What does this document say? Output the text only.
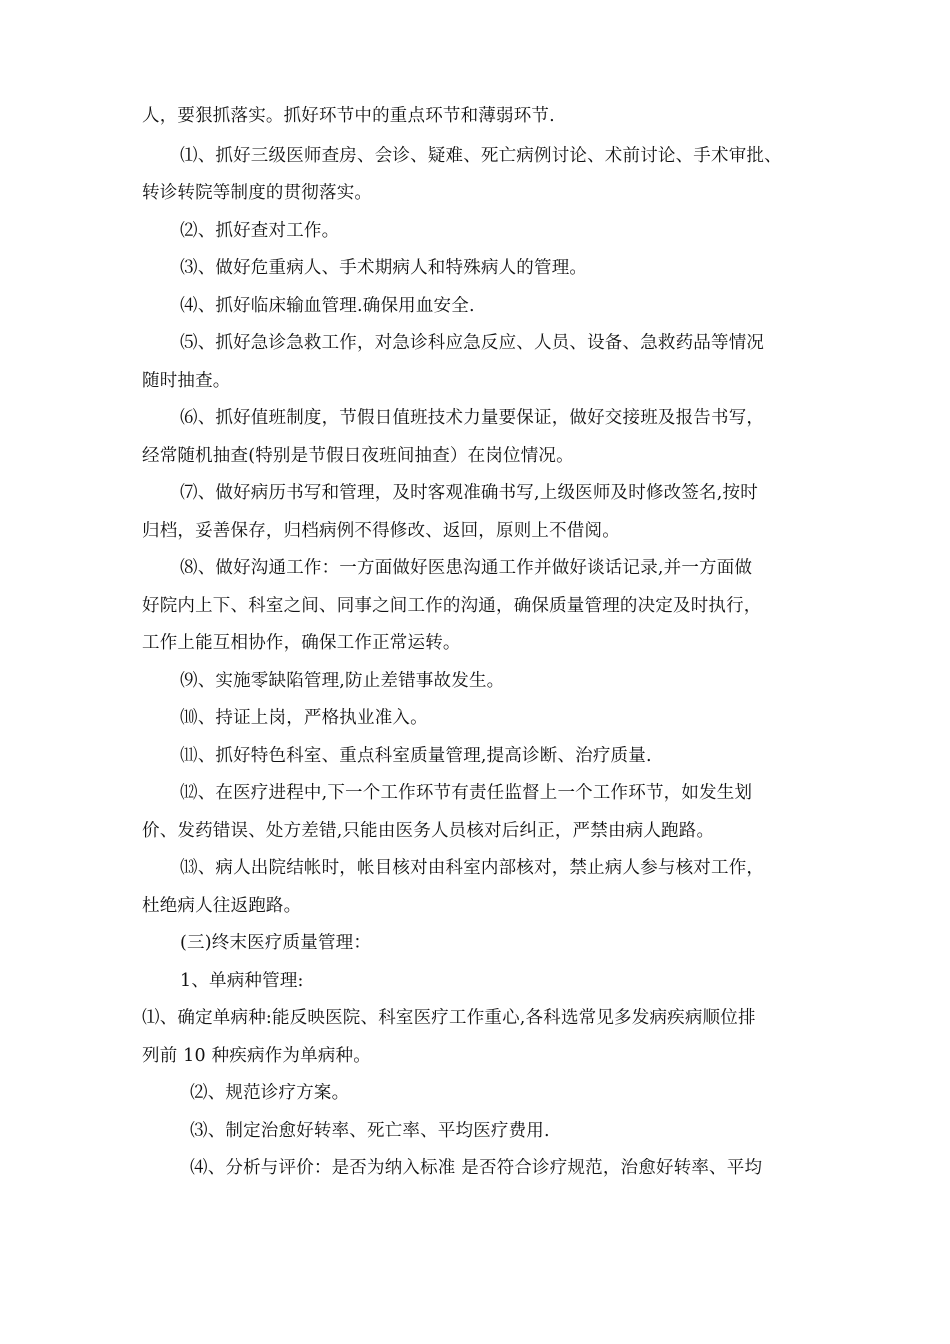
人，要狠抓落实。抓好环节中的重点环节和薄弱环节.
⑴、抓好三级医师查房、会诊、疑难、死亡病例讨论、术前讨论、手术审批、
转诊转院等制度的贯彻落实。
⑵、抓好查对工作。
⑶、做好危重病人、手术期病人和特殊病人的管理。
⑷、抓好临床输血管理.确保用血安全.
⑸、抓好急诊急救工作，对急诊科应急反应、人员、设备、急救药品等情况
随时抽查。
⑹、抓好值班制度，节假日值班技术力量要保证，做好交接班及报告书写，
经常随机抽查(特别是节假日夜班间抽查）在岗位情况。
⑺、做好病历书写和管理，及时客观准确书写,上级医师及时修改签名,按时
归档，妥善保存，归档病例不得修改、返回，原则上不借阅。
⑻、做好沟通工作：一方面做好医患沟通工作并做好谈话记录,并一方面做
好院内上下、科室之间、同事之间工作的沟通，确保质量管理的决定及时执行，
工作上能互相协作，确保工作正常运转。
⑼、实施零缺陷管理,防止差错事故发生。
⑽、持证上岗，严格执业准入。
⑾、抓好特色科室、重点科室质量管理,提高诊断、治疗质量.
⑿、在医疗进程中,下一个工作环节有责任监督上一个工作环节，如发生划
价、发药错误、处方差错,只能由医务人员核对后纠正，严禁由病人跑路。
⒀、病人出院结帐时，帐目核对由科室内部核对，禁止病人参与核对工作，
杜绝病人往返跑路。
(三)终末医疗质量管理：
1、单病种管理:
⑴、确定单病种:能反映医院、科室医疗工作重心,各科选常见多发病疾病顺位排
列前 10 种疾病作为单病种。
⑵、规范诊疗方案。
⑶、制定治愈好转率、死亡率、平均医疗费用.
⑷、分析与评价：是否为纳入标准 是否符合诊疗规范，治愈好转率、平均
